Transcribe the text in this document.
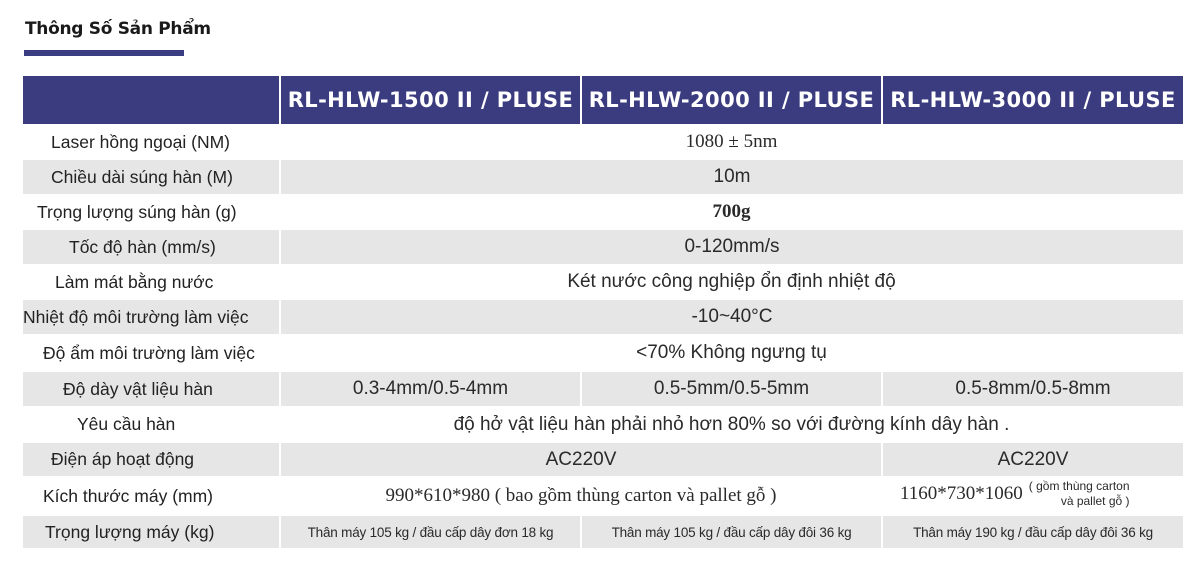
Thông Số Sản Phẩm
	RL-HLW-1500 II / PLUSE	RL-HLW-2000 II / PLUSE	RL-HLW-3000 II / PLUSE
Laser hồng ngoại (NM)	1080 ± 5nm		
Chiều dài súng hàn (M)	10m		
Trọng lượng súng hàn (g)	700g		
Tốc độ hàn (mm/s)	0-120mm/s		
Làm mát bằng nước	Két nước công nghiệp ổn định nhiệt độ		
Nhiệt độ môi trường làm việc	-10~40°C		
Độ ẩm môi trường làm việc	<70% Không ngưng tụ		
Độ dày vật liệu hàn	0.3-4mm/0.5-4mm	0.5-5mm/0.5-5mm	0.5-8mm/0.5-8mm
Yêu cầu hàn	độ hở vật liệu hàn phải nhỏ hơn 80% so với đường kính dây hàn .		
Điện áp hoạt động	AC220V		AC220V
Kích thước máy (mm)	990*610*980 ( bao gồm thùng carton và pallet gỗ )		1160*730*1060 ( gồm thùng carton
và pallet gỗ )
Trọng lượng máy (kg)	Thân máy 105 kg / đầu cấp dây đơn 18 kg	Thân máy 105 kg / đầu cấp dây đôi 36 kg	Thân máy 190 kg / đầu cấp dây đôi 36 kg
